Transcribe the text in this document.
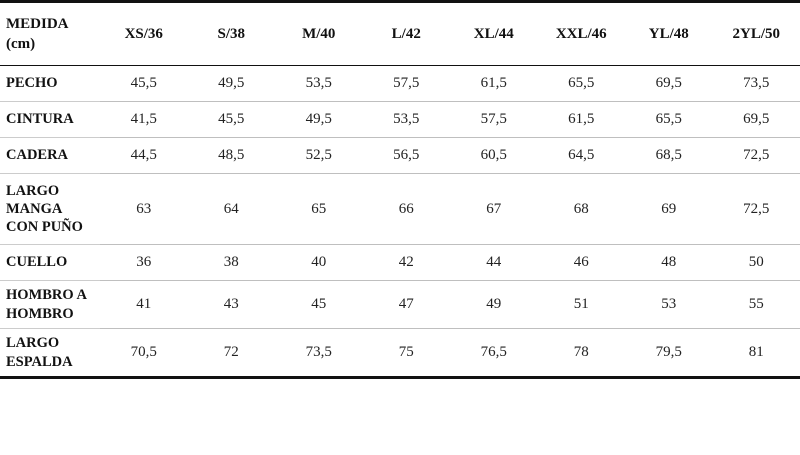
MEDIDA
(cm)	XS/36	S/38	M/40	L/42	XL/44	XXL/46	YL/48	2YL/50
PECHO	45,5	49,5	53,5	57,5	61,5	65,5	69,5	73,5
CINTURA	41,5	45,5	49,5	53,5	57,5	61,5	65,5	69,5
CADERA	44,5	48,5	52,5	56,5	60,5	64,5	68,5	72,5
LARGO MANGA CON PUÑO	63	64	65	66	67	68	69	72,5
CUELLO	36	38	40	42	44	46	48	50
HOMBRO A HOMBRO	41	43	45	47	49	51	53	55
LARGO ESPALDA	70,5	72	73,5	75	76,5	78	79,5	81
